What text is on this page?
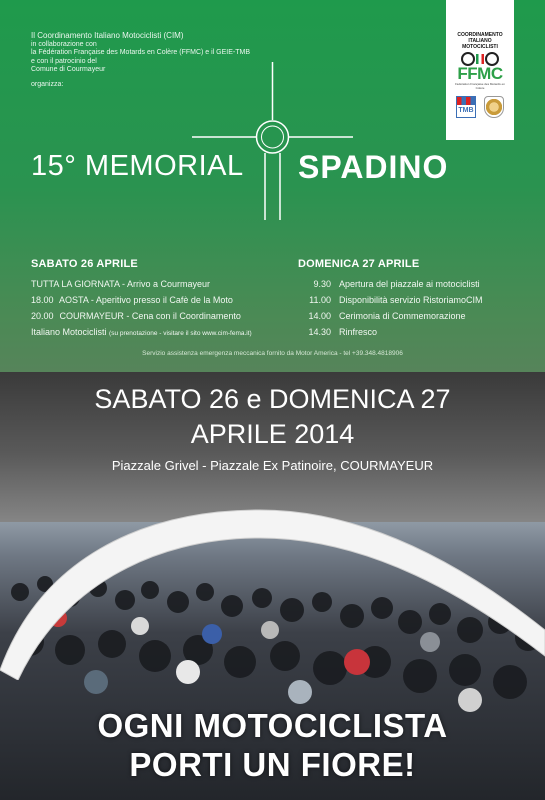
Il Coordinamento Italiano Motociclisti (CIM)
in collaborazione con
la Fédération Française des Motards en Colère (FFMC) e il GEIE-TMB
e con il patrocinio del
Comune di Courmayeur
organizza:
COORDINAMENTO ITALIANO MOTOCICLISTI
FFMC
Fédération Française des Motards en Colère
TMB
15° MEMORIAL SPADINO
SABATO 26 APRILE
TUTTA LA GIORNATA - Arrivo a Courmayeur
18.00 AOSTA - Aperitivo presso il Cafè de la Moto
20.00 COURMAYEUR - Cena con il Coordinamento
Italiano Motociclisti (su prenotazione - visitare il sito www.cim-fema.it)
DOMENICA 27 APRILE
9.30 Apertura del piazzale ai motociclisti
11.00 Disponibilità servizio RistoriamoCIM
14.00 Cerimonia di Commemorazione
14.30 Rinfresco
Servizio assistenza emergenza meccanica fornito da Motor America - tel +39.348.4818906
SABATO 26 e DOMENICA 27
APRILE 2014
Piazzale Grivel - Piazzale Ex Patinoire, COURMAYEUR
OGNI MOTOCICLISTA
PORTI UN FIORE!
